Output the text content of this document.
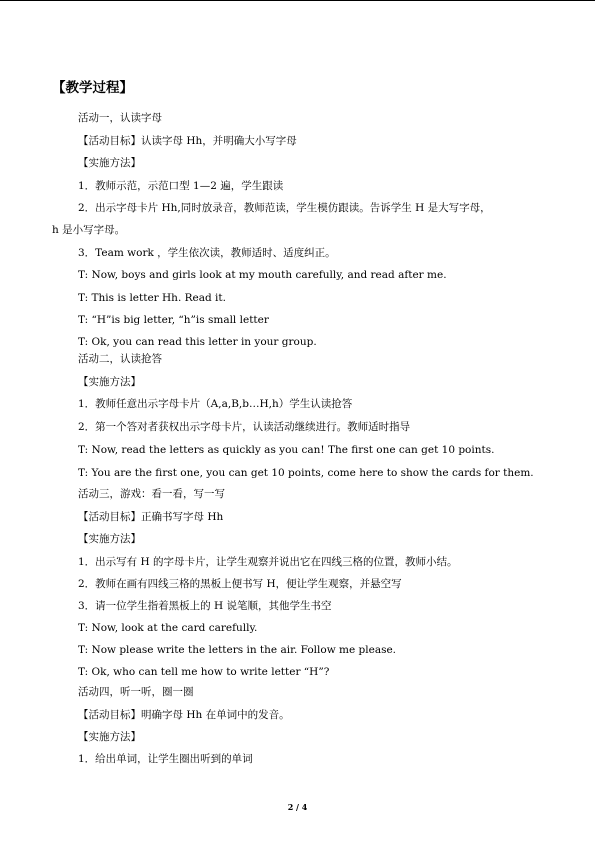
【教学过程】
活动一，认读字母
【活动目标】认读字母 Hh，并明确大小写字母
【实施方法】
1．教师示范，示范口型 1—2 遍，学生跟读
2．出示字母卡片 Hh,同时放录音，教师范读，学生模仿跟读。告诉学生 H 是大写字母，
h 是小写字母。
3．Team work ，学生依次读，教师适时、适度纠正。
T: Now, boys and girls look at my mouth carefully, and read after me.
T: This is letter Hh. Read it.
T: “H”is big letter, “h”is small letter
T: Ok, you can read this letter in your group.
活动二，认读抢答
【实施方法】
1．教师任意出示字母卡片（A,a,B,b…H,h）学生认读抢答
2．第一个答对者获权出示字母卡片，认读活动继续进行。教师适时指导
T: Now, read the letters as quickly as you can! The first one can get 10 points.
T: You are the first one, you can get 10 points, come here to show the cards for them.
活动三，游戏：看一看，写一写
【活动目标】正确书写字母 Hh
【实施方法】
1．出示写有 H 的字母卡片，让学生观察并说出它在四线三格的位置，教师小结。
2．教师在画有四线三格的黑板上便书写 H，便让学生观察，并悬空写
3．请一位学生指着黑板上的 H 说笔顺，其他学生书空
T: Now, look at the card carefully.
T: Now please write the letters in the air. Follow me please.
T: Ok, who can tell me how to write letter “H”?
活动四，听一听，圈一圈
【活动目标】明确字母 Hh 在单词中的发音。
【实施方法】
1．给出单词，让学生圈出听到的单词
2 / 4
